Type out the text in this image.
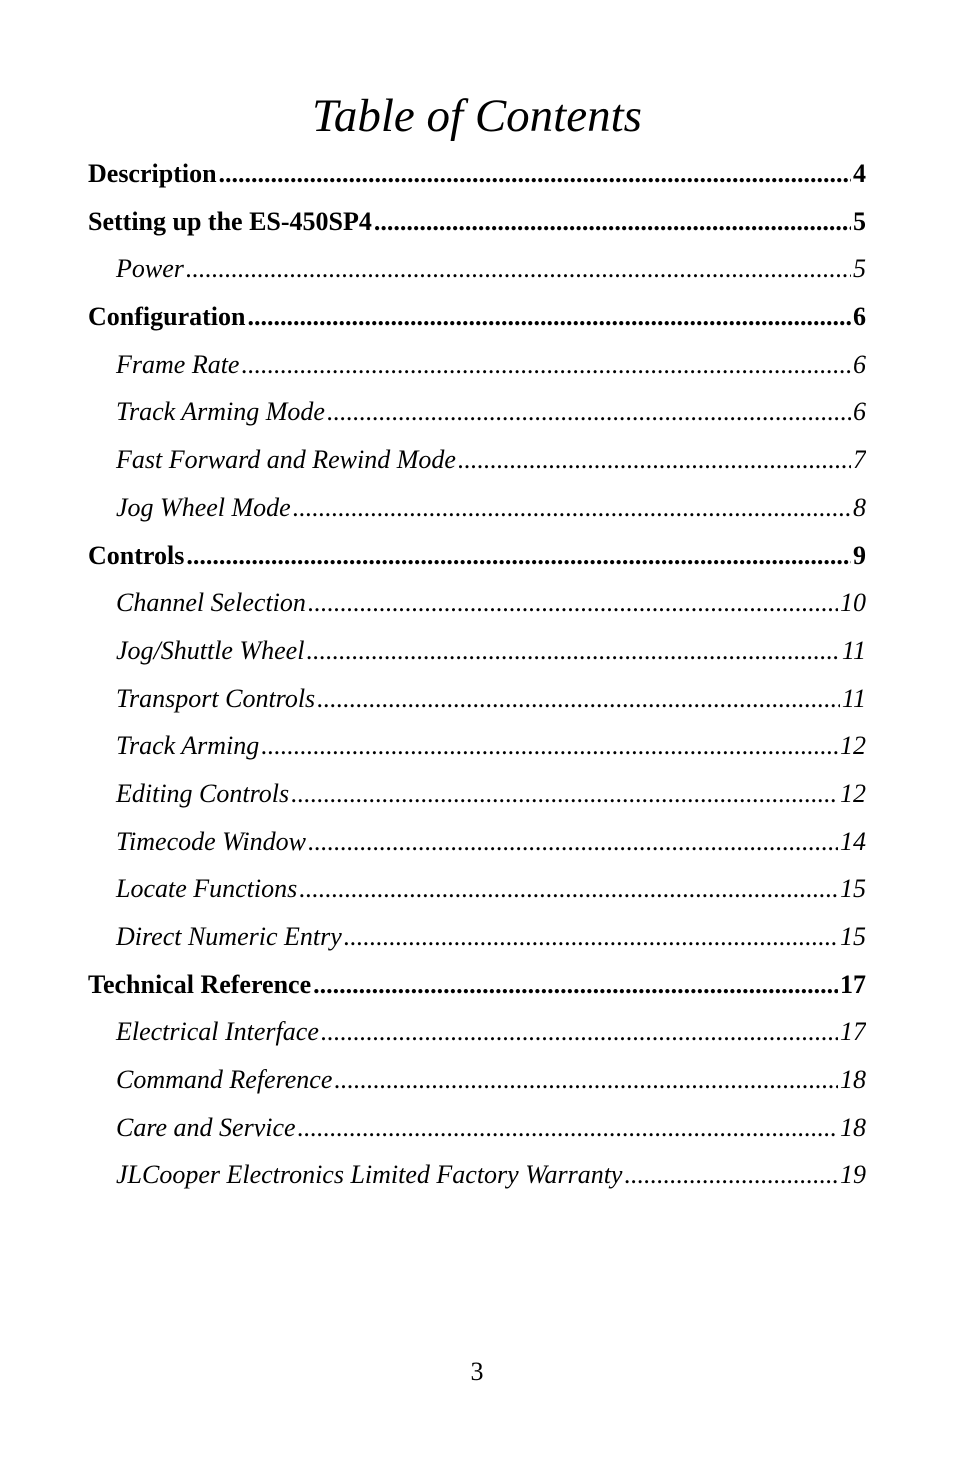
Table of Contents
Description .....	4
Setting up the ES-450SP4 .....	5
Power .....	5
Configuration .....	6
Frame Rate .....	6
Track Arming Mode .....	6
Fast Forward and Rewind Mode .....	7
Jog Wheel Mode .....	8
Controls .....	9
Channel Selection .....	10
Jog/Shuttle Wheel .....	11
Transport Controls .....	11
Track Arming .....	12
Editing Controls .....	12
Timecode Window .....	14
Locate Functions .....	15
Direct Numeric Entry .....	15
Technical Reference .....	17
Electrical Interface .....	17
Command Reference .....	18
Care and Service .....	18
JLCooper Electronics Limited Factory Warranty .....	19
3
